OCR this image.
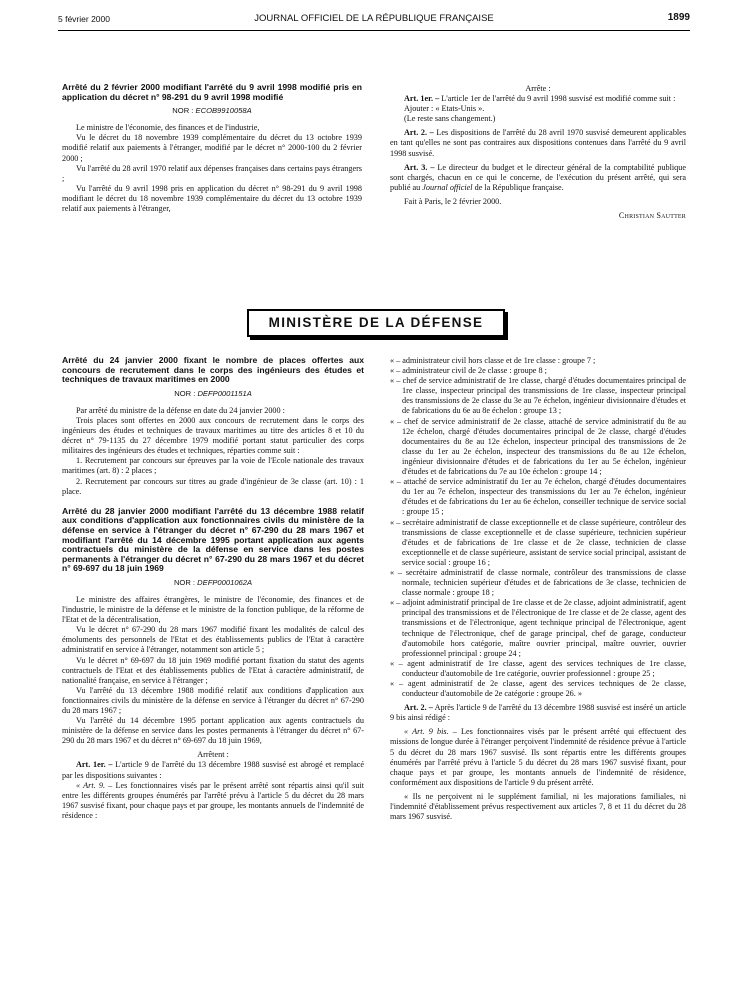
5 février 2000	JOURNAL OFFICIEL DE LA RÉPUBLIQUE FRANÇAISE	1899
Arrêté du 2 février 2000 modifiant l'arrêté du 9 avril 1998 modifié pris en application du décret n° 98-291 du 9 avril 1998 modifié
NOR : ECOB9910058A

Le ministre de l'économie, des finances et de l'industrie,

Vu le décret du 18 novembre 1939 complémentaire du décret du 13 octobre 1939 modifié relatif aux paiements à l'étranger, modifié par le décret n° 2000-100 du 2 février 2000 ;

Vu l'arrêté du 28 avril 1970 relatif aux dépenses françaises dans certains pays étrangers ;

Vu l'arrêté du 9 avril 1998 pris en application du décret n° 98-291 du 9 avril 1998 modifiant le décret du 18 novembre 1939 complémentaire du décret du 13 octobre 1939 relatif aux paiements à l'étranger,

Arrête :

Art. 1er. – L'article 1er de l'arrêté du 9 avril 1998 susvisé est modifié comme suit :

Ajouter : « Etats-Unis ».

(Le reste sans changement.)

Art. 2. – Les dispositions de l'arrêté du 28 avril 1970 susvisé demeurent applicables en tant qu'elles ne sont pas contraires aux dispositions contenues dans l'arrêté du 9 avril 1998 susvisé.

Art. 3. – Le directeur du budget et le directeur général de la comptabilité publique sont chargés, chacun en ce qui le concerne, de l'exécution du présent arrêté, qui sera publié au Journal officiel de la République française.

Fait à Paris, le 2 février 2000.

Christian Sautter

MINISTÈRE DE LA DÉFENSE
Arrêté du 24 janvier 2000 fixant le nombre de places offertes aux concours de recrutement dans le corps des ingénieurs des études et techniques de travaux maritimes en 2000
NOR : DEFP0001151A

Par arrêté du ministre de la défense en date du 24 janvier 2000 :

Trois places sont offertes en 2000 aux concours de recrutement dans le corps des ingénieurs des études et techniques de travaux maritimes au titre des articles 8 et 10 du décret n° 79-1135 du 27 décembre 1979 modifié portant statut particulier des corps militaires des ingénieurs des études et techniques, réparties comme suit :

1. Recrutement par concours sur épreuves par la voie de l'Ecole nationale des travaux maritimes (art. 8) : 2 places ;

2. Recrutement par concours sur titres au grade d'ingénieur de 3e classe (art. 10) : 1 place.

Arrêté du 28 janvier 2000 modifiant l'arrêté du 13 décembre 1988 relatif aux conditions d'application aux fonctionnaires civils du ministère de la défense en service à l'étranger du décret n° 67-290 du 28 mars 1967 et modifiant l'arrêté du 14 décembre 1995 portant application aux agents contractuels du ministère de la défense en service dans les postes permanents à l'étranger du décret n° 67-290 du 28 mars 1967 et du décret n° 69-697 du 18 juin 1969
NOR : DEFP0001062A

Le ministre des affaires étrangères, le ministre de l'économie, des finances et de l'industrie, le ministre de la défense et le ministre de la fonction publique, de la réforme de l'Etat et de la décentralisation,

Vu le décret n° 67-290 du 28 mars 1967 modifié fixant les modalités de calcul des émoluments des personnels de l'Etat et des établissements publics de l'Etat à caractère administratif en service à l'étranger, notamment son article 5 ;

Vu le décret n° 69-697 du 18 juin 1969 modifié portant fixation du statut des agents contractuels de l'Etat et des établissements publics de l'Etat à caractère administratif, de nationalité française, en service à l'étranger ;

Vu l'arrêté du 13 décembre 1988 modifié relatif aux conditions d'application aux fonctionnaires civils du ministère de la défense en service à l'étranger du décret n° 67-290 du 28 mars 1967 ;

Vu l'arrêté du 14 décembre 1995 portant application aux agents contractuels du ministère de la défense en service dans les postes permanents à l'étranger du décret n° 67-290 du 28 mars 1967 et du décret n° 69-697 du 18 juin 1969,

Arrêtent :

Art. 1er. – L'article 9 de l'arrêté du 13 décembre 1988 susvisé est abrogé et remplacé par les dispositions suivantes :

« Art. 9. – Les fonctionnaires visés par le présent arrêté sont répartis ainsi qu'il suit entre les différents groupes énumérés par l'arrêté prévu à l'article 5 du décret du 28 mars 1967 susvisé fixant, pour chaque pays et par groupe, les montants annuels de l'indemnité de résidence :

« – administrateur civil hors classe et de 1re classe : groupe 7 ;

« – administrateur civil de 2e classe : groupe 8 ;

« – chef de service administratif de 1re classe, chargé d'études documentaires principal de 1re classe, inspecteur principal des transmissions de 1re classe, inspecteur principal des transmissions de 2e classe du 3e au 7e échelon, ingénieur divisionnaire d'études et de fabrications du 6e au 8e échelon : groupe 13 ;

« – chef de service administratif de 2e classe, attaché de service administratif du 8e au 12e échelon, chargé d'études documentaires principal de 2e classe, chargé d'études documentaires du 8e au 12e échelon, inspecteur principal des transmissions de 2e classe du 1er au 2e échelon, inspecteur des transmissions du 8e au 12e échelon, ingénieur divisionnaire d'études et de fabrications du 1er au 5e échelon, ingénieur d'études et de fabrications du 7e au 10e échelon : groupe 14 ;

« – attaché de service administratif du 1er au 7e échelon, chargé d'études documentaires du 1er au 7e échelon, inspecteur des transmissions du 1er au 7e échelon, ingénieur d'études et de fabrications du 1er au 6e échelon, conseiller technique de service social : groupe 15 ;

« – secrétaire administratif de classe exceptionnelle et de classe supérieure, contrôleur des transmissions de classe exceptionnelle et de classe supérieure, technicien supérieur d'études et de fabrications de 1re classe et de 2e classe, technicien de classe exceptionnelle et de classe supérieure, assistant de service social principal, assistant de service social : groupe 16 ;

« – secrétaire administratif de classe normale, contrôleur des transmissions de classe normale, technicien supérieur d'études et de fabrications de 3e classe, technicien de classe normale : groupe 18 ;

« – adjoint administratif principal de 1re classe et de 2e classe, adjoint administratif, agent principal des transmissions et de l'électronique de 1re classe et de 2e classe, agent des transmissions et de l'électronique, agent technique principal de l'électronique, agent technique de l'électronique, chef de garage principal, chef de garage, conducteur d'automobile hors catégorie, maître ouvrier principal, maître ouvrier, ouvrier professionnel principal : groupe 24 ;

« – agent administratif de 1re classe, agent des services techniques de 1re classe, conducteur d'automobile de 1re catégorie, ouvrier professionnel : groupe 25 ;

« – agent administratif de 2e classe, agent des services techniques de 2e classe, conducteur d'automobile de 2e catégorie : groupe 26. »

Art. 2. – Après l'article 9 de l'arrêté du 13 décembre 1988 susvisé est inséré un article 9 bis ainsi rédigé :

« Art. 9 bis. – Les fonctionnaires visés par le présent arrêté qui effectuent des missions de longue durée à l'étranger perçoivent l'indemnité de résidence prévue à l'article 5 du décret du 28 mars 1967 susvisé. Ils sont répartis entre les différents groupes énumérés par l'arrêté prévu à l'article 5 du décret du 28 mars 1967 susvisé fixant, pour chaque pays et par groupe, les montants annuels de l'indemnité de résidence, conformément aux dispositions de l'article 9 du présent arrêté.

« Ils ne perçoivent ni le supplément familial, ni les majorations familiales, ni l'indemnité d'établissement prévus respectivement aux articles 7, 8 et 11 du décret du 28 mars 1967 susvisé.
